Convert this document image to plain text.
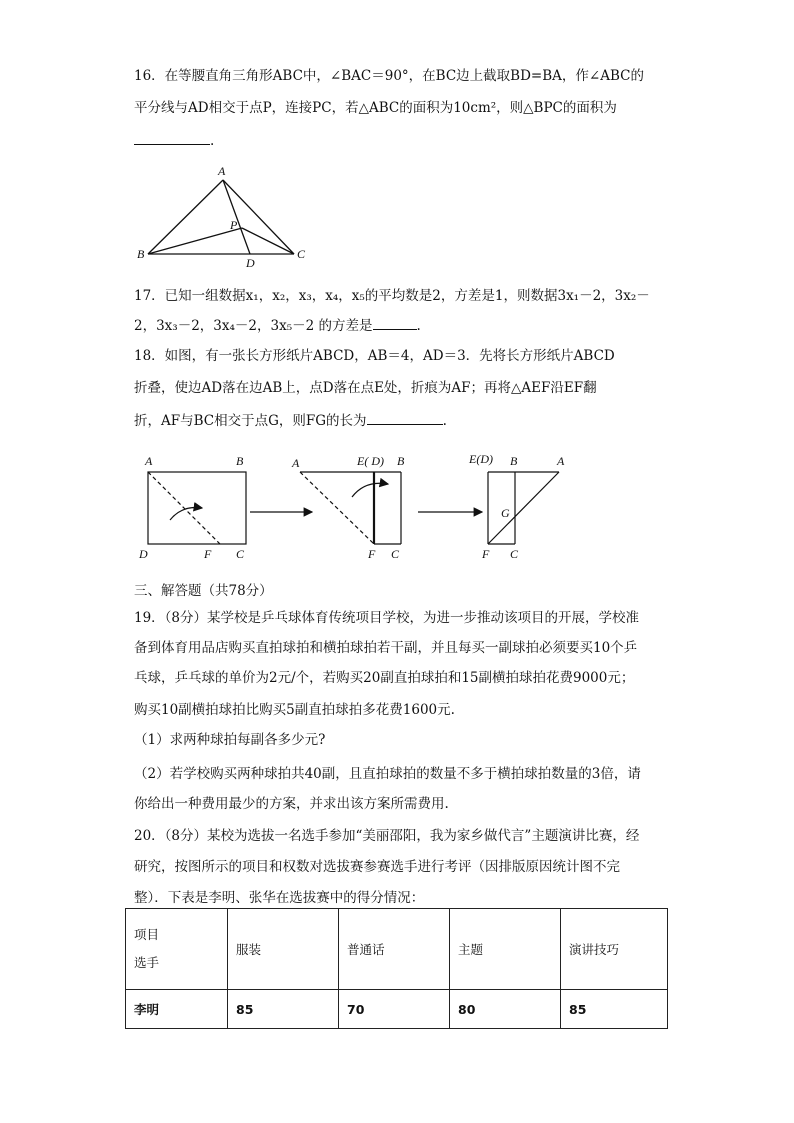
16．在等腰直角三角形ABC中，∠BAC＝90°，在BC边上截取BD=BA，作∠ABC的
平分线与AD相交于点P，连接PC，若△ABC的面积为10cm²，则△BPC的面积为
.
A
B	C
D
P
17．已知一组数据x₁，x₂，x₃，x₄，x₅的平均数是2，方差是1，则数据3x₁－2，3x₂－
2，3x₃－2，3x₄－2，3x₅－2 的方差是	.
18．如图，有一张长方形纸片ABCD，AB＝4，AD＝3．先将长方形纸片ABCD
折叠，使边AD落在边AB上，点D落在点E处，折痕为AF；再将△AEF沿EF翻
折，AF与BC相交于点G，则FG的长为	.
A	B
D	F C
A	E( D) B
F C
E(D) B	A
G
F C
三、解答题（共78分）
19．（8分）某学校是乒乓球体育传统项目学校，为进一步推动该项目的开展，学校准
备到体育用品店购买直拍球拍和横拍球拍若干副，并且每买一副球拍必须要买10个乒
乓球，乒乓球的单价为2元/个，若购买20副直拍球拍和15副横拍球拍花费9000元；
购买10副横拍球拍比购买5副直拍球拍多花费1600元.
（1）求两种球拍每副各多少元?
（2）若学校购买两种球拍共40副，且直拍球拍的数量不多于横拍球拍数量的3倍，请
你给出一种费用最少的方案，并求出该方案所需费用.
20．（8分）某校为选拔一名选手参加“美丽邵阳，我为家乡做代言”主题演讲比赛，经
研究，按图所示的项目和权数对选拔赛参赛选手进行考评（因排版原因统计图不完
整）．下表是李明、张华在选拔赛中的得分情况：
项目
选手	服装	普通话	主题	演讲技巧
李明	85	70	80	85
